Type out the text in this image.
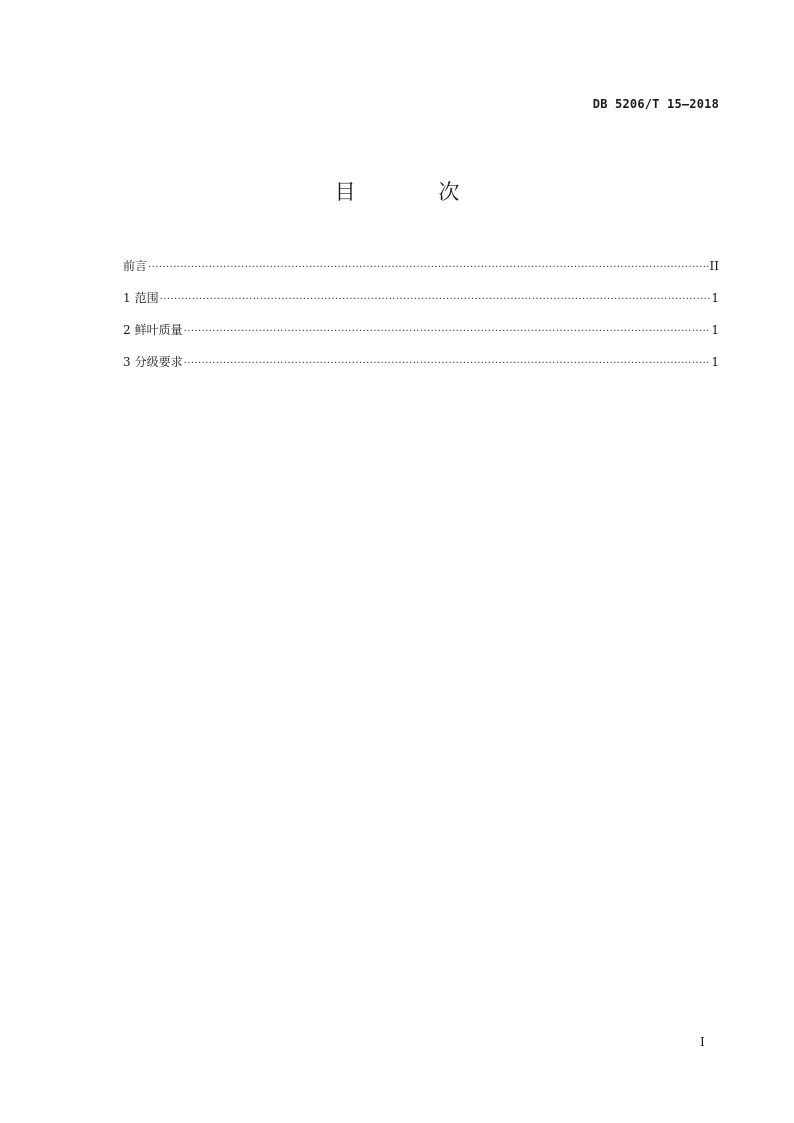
DB 5206/T 15—2018
目 次
前言 ·····	II
1 范围 ·····	1
2 鲜叶质量 ·····	1
3 分级要求 ·····	1
I
